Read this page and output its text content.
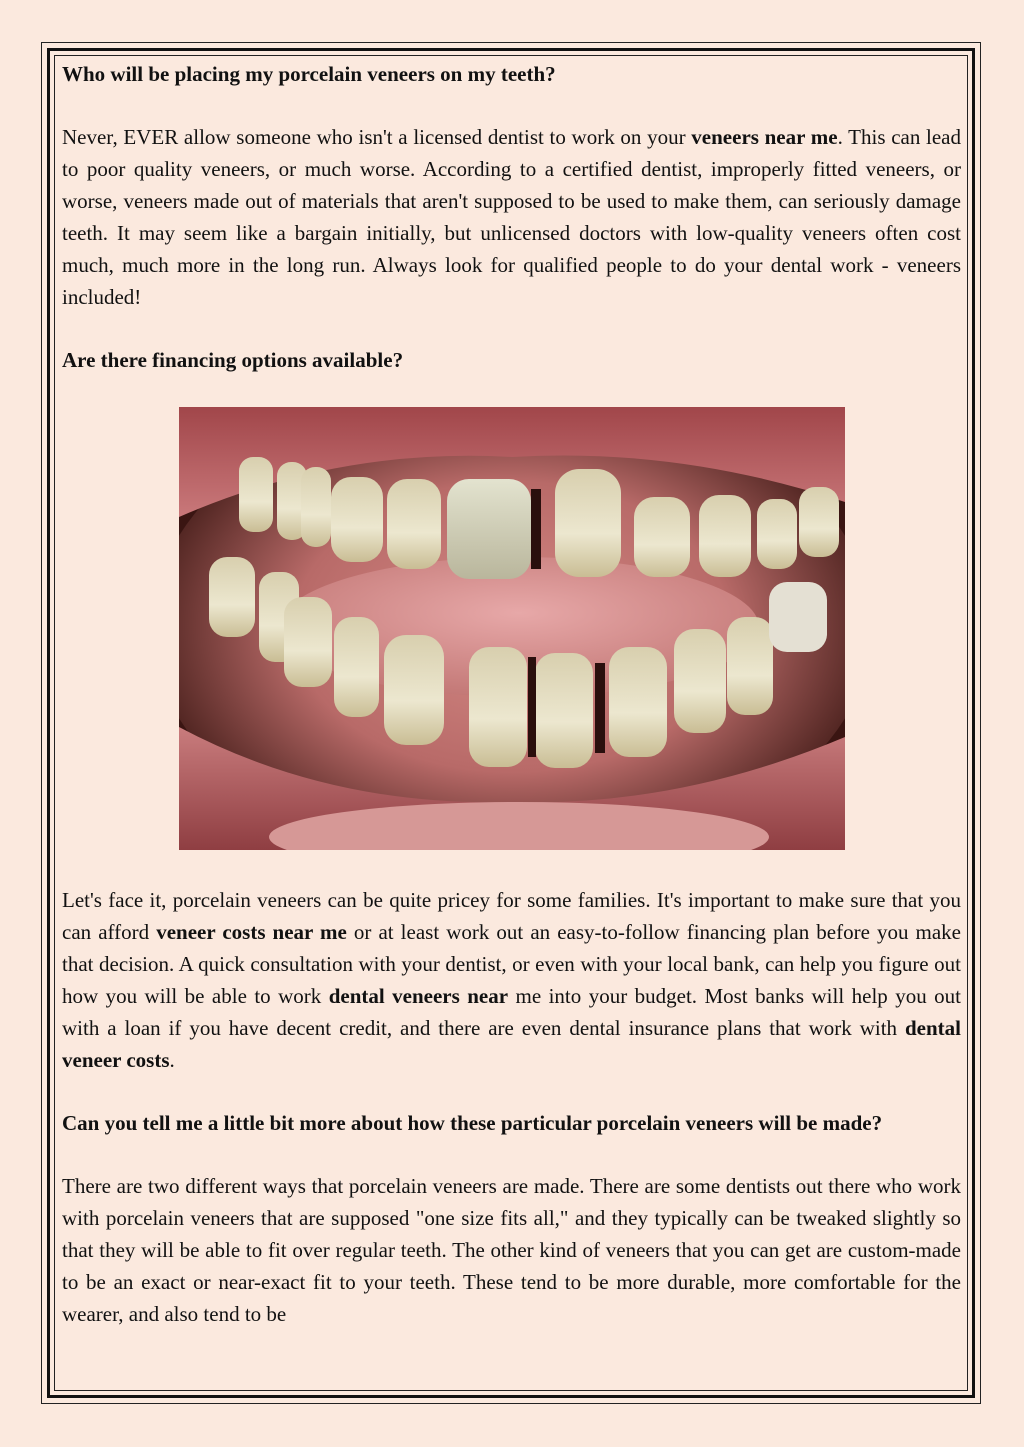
Who will be placing my porcelain veneers on my teeth?

Never, EVER allow someone who isn't a licensed dentist to work on your veneers near me. This can lead to poor quality veneers, or much worse. According to a certified dentist, improperly fitted veneers, or worse, veneers made out of materials that aren't supposed to be used to make them, can seriously damage teeth. It may seem like a bargain initially, but unlicensed doctors with low-quality veneers often cost much, much more in the long run. Always look for qualified people to do your dental work - veneers included!

Are there financing options available?

Let's face it, porcelain veneers can be quite pricey for some families. It's important to make sure that you can afford veneer costs near me or at least work out an easy-to-follow financing plan before you make that decision. A quick consultation with your dentist, or even with your local bank, can help you figure out how you will be able to work dental veneers near me into your budget. Most banks will help you out with a loan if you have decent credit, and there are even dental insurance plans that work with dental veneer costs.

Can you tell me a little bit more about how these particular porcelain veneers will be made?

There are two different ways that porcelain veneers are made. There are some dentists out there who work with porcelain veneers that are supposed "one size fits all," and they typically can be tweaked slightly so that they will be able to fit over regular teeth. The other kind of veneers that you can get are custom-made to be an exact or near-exact fit to your teeth. These tend to be more durable, more comfortable for the wearer, and also tend to be
